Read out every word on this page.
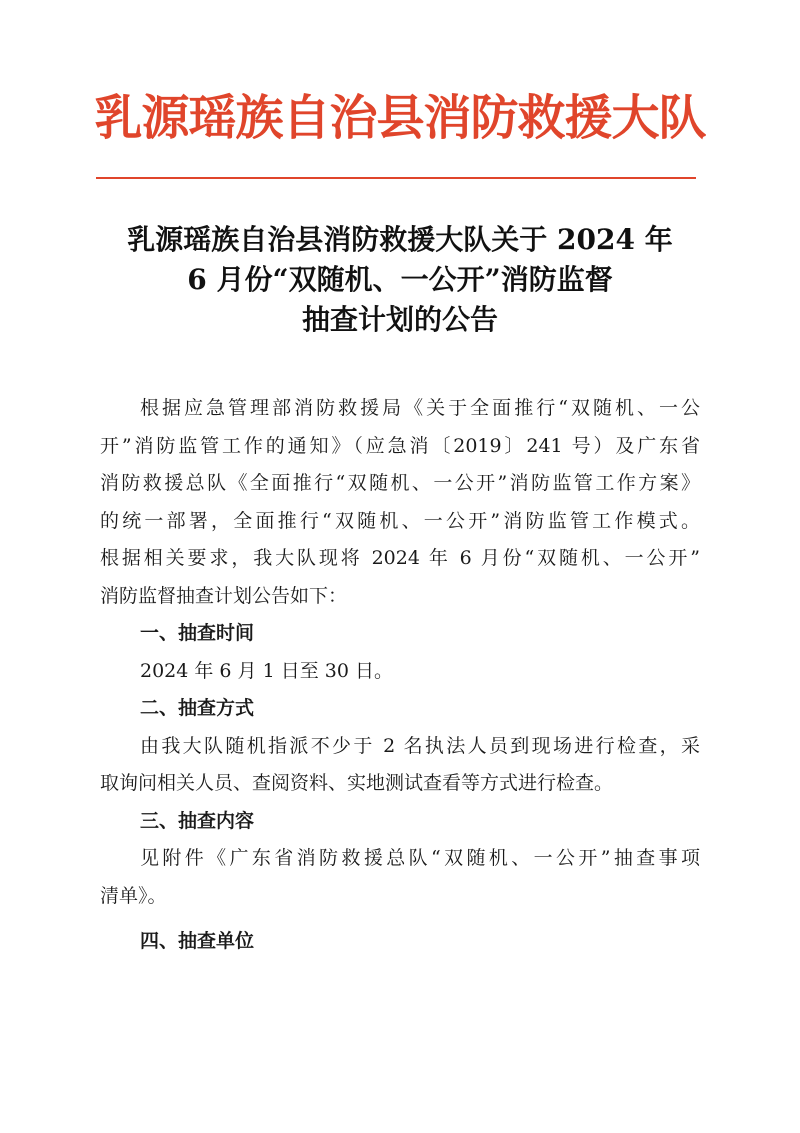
乳源瑶族自治县消防救援大队
乳源瑶族自治县消防救援大队关于 2024 年
6 月份“双随机、一公开”消防监督
抽查计划的公告
根据应急管理部消防救援局《关于全面推行“双随机、一公
开”消防监管工作的通知》（应急消〔2019〕241 号）及广东省
消防救援总队《全面推行“双随机、一公开”消防监管工作方案》
的统一部署，全面推行“双随机、一公开”消防监管工作模式。
根据相关要求，我大队现将 2024 年 6 月份“双随机、一公开”
消防监督抽查计划公告如下：
一、抽查时间
2024 年 6 月 1 日至 30 日。
二、抽查方式
由我大队随机指派不少于 2 名执法人员到现场进行检查，采
取询问相关人员、查阅资料、实地测试查看等方式进行检查。
三、抽查内容
见附件《广东省消防救援总队“双随机、一公开”抽查事项
清单》。
四、抽查单位
